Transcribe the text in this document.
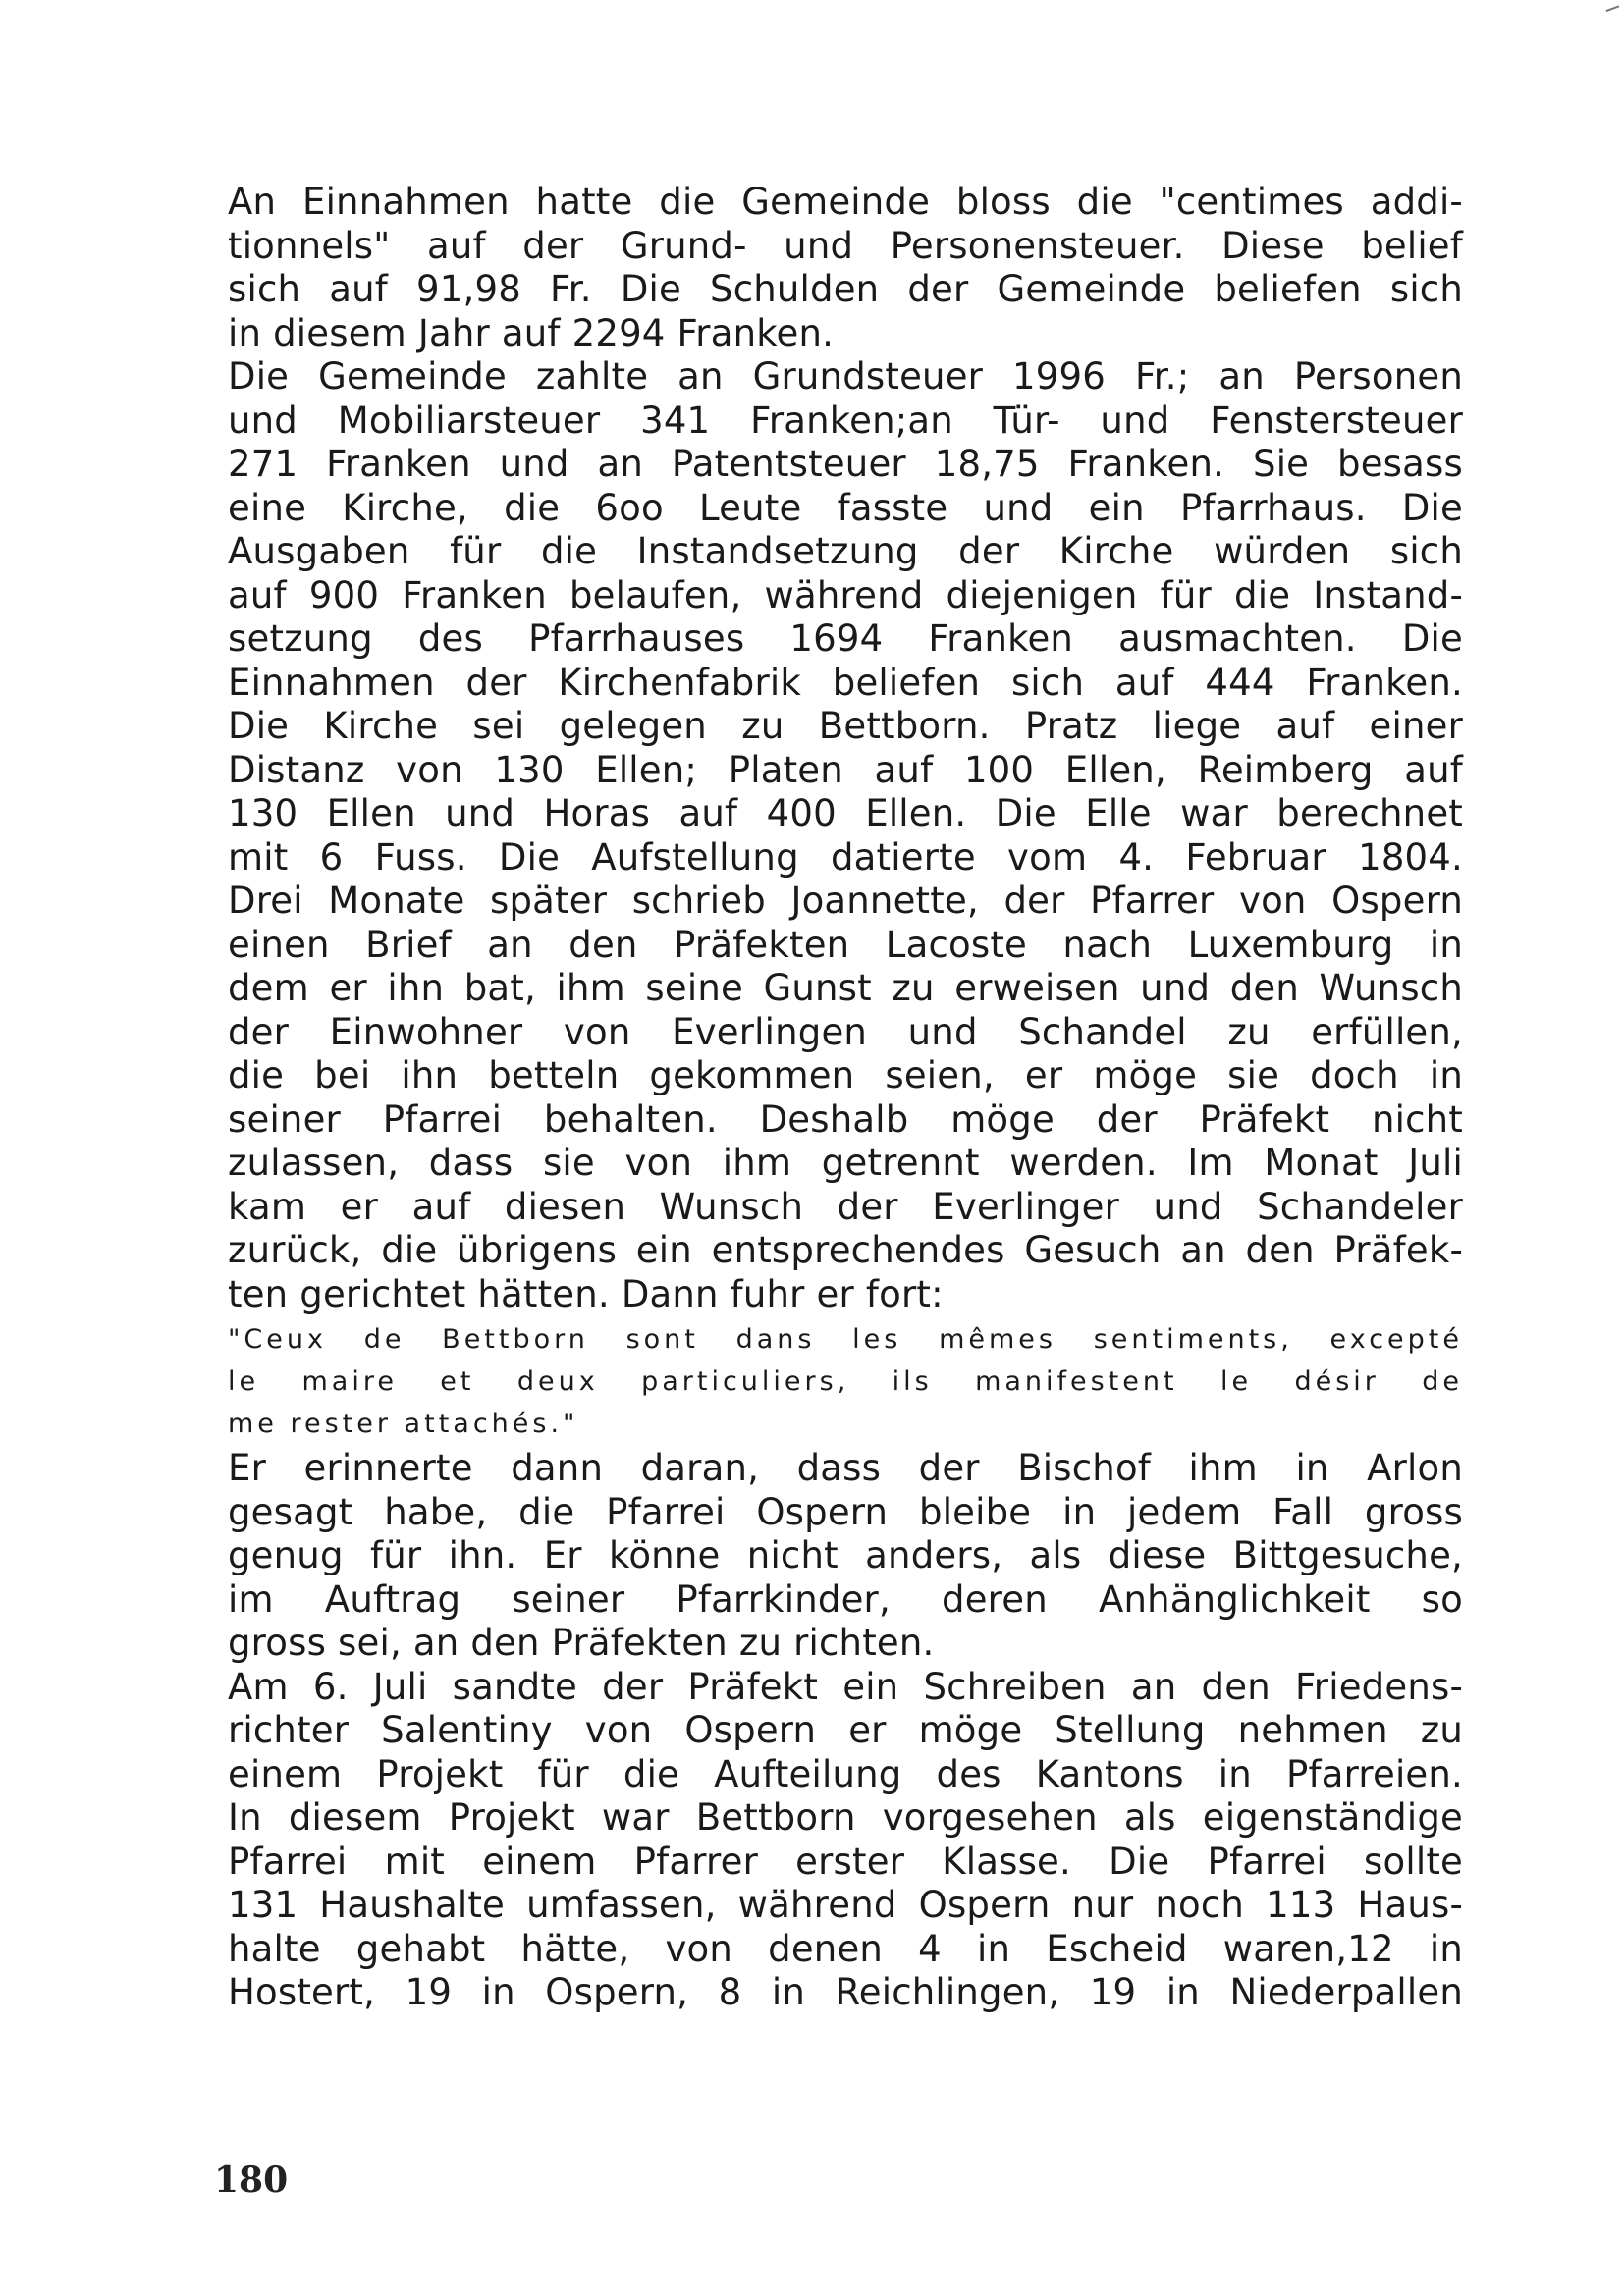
An Einnahmen hatte die Gemeinde bloss die "centimes addi-
tionnels" auf der Grund- und Personensteuer. Diese belief
sich auf 91,98 Fr. Die Schulden der Gemeinde beliefen sich
in diesem Jahr auf 2294 Franken.
Die Gemeinde zahlte an Grundsteuer 1996 Fr.; an Personen
und Mobiliarsteuer 341 Franken;an Tür- und Fenstersteuer
271 Franken und an Patentsteuer 18,75 Franken. Sie besass
eine Kirche, die 6oo Leute fasste und ein Pfarrhaus. Die
Ausgaben für die Instandsetzung der Kirche würden sich
auf 900 Franken belaufen, während diejenigen für die Instand-
setzung des Pfarrhauses 1694 Franken ausmachten. Die
Einnahmen der Kirchenfabrik beliefen sich auf 444 Franken.
Die Kirche sei gelegen zu Bettborn. Pratz liege auf einer
Distanz von 130 Ellen; Platen auf 100 Ellen, Reimberg auf
130 Ellen und Horas auf 400 Ellen. Die Elle war berechnet
mit 6 Fuss. Die Aufstellung datierte vom 4. Februar 1804.
Drei Monate später schrieb Joannette, der Pfarrer von Ospern
einen Brief an den Präfekten Lacoste nach Luxemburg in
dem er ihn bat, ihm seine Gunst zu erweisen und den Wunsch
der Einwohner von Everlingen und Schandel zu erfüllen,
die bei ihn betteln gekommen seien, er möge sie doch in
seiner Pfarrei behalten. Deshalb möge der Präfekt nicht
zulassen, dass sie von ihm getrennt werden. Im Monat Juli
kam er auf diesen Wunsch der Everlinger und Schandeler
zurück, die übrigens ein entsprechendes Gesuch an den Präfek-
ten gerichtet hätten. Dann fuhr er fort:
"Ceux de Bettborn sont dans les mêmes sentiments, excepté
le maire et deux particuliers, ils manifestent le désir de
me rester attachés."
Er erinnerte dann daran, dass der Bischof ihm in Arlon
gesagt habe, die Pfarrei Ospern bleibe in jedem Fall gross
genug für ihn. Er könne nicht anders, als diese Bittgesuche,
im Auftrag seiner Pfarrkinder, deren Anhänglichkeit so
gross sei, an den Präfekten zu richten.
Am 6. Juli sandte der Präfekt ein Schreiben an den Friedens-
richter Salentiny von Ospern er möge Stellung nehmen zu
einem Projekt für die Aufteilung des Kantons in Pfarreien.
In diesem Projekt war Bettborn vorgesehen als eigenständige
Pfarrei mit einem Pfarrer erster Klasse. Die Pfarrei sollte
131 Haushalte umfassen, während Ospern nur noch 113 Haus-
halte gehabt hätte, von denen 4 in Escheid waren,12 in
Hostert, 19 in Ospern, 8 in Reichlingen, 19 in Niederpallen
180
